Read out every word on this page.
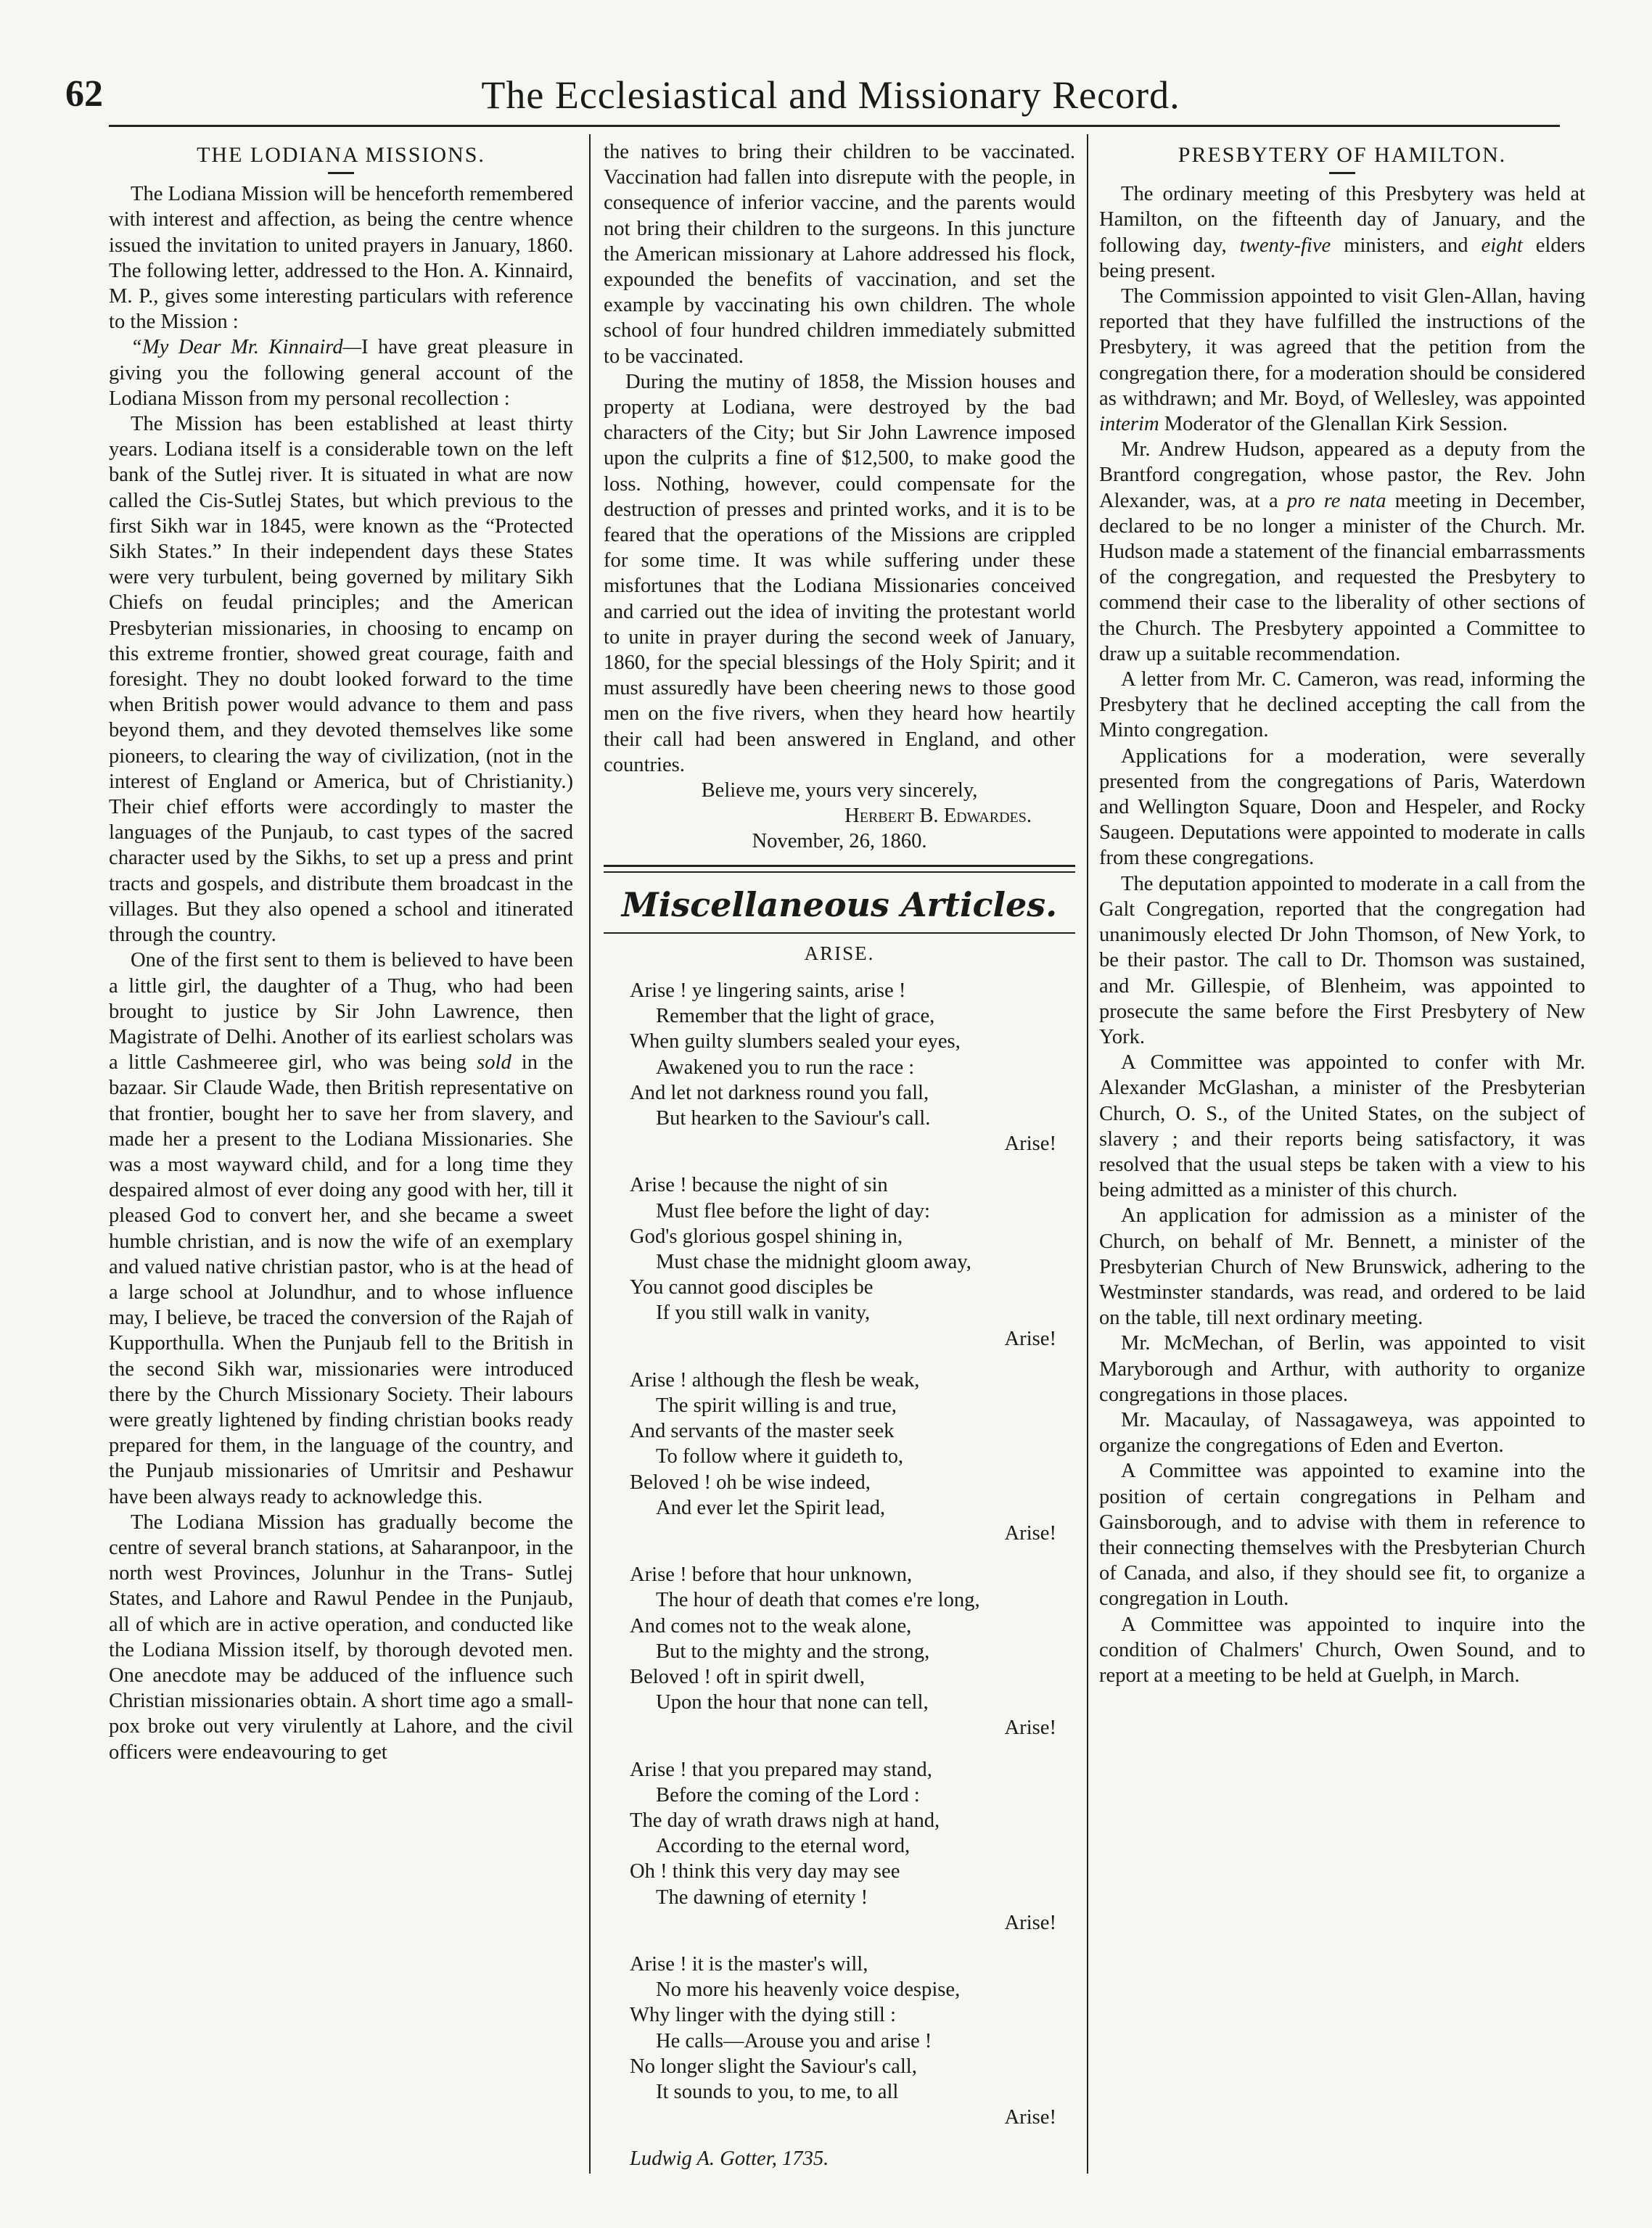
62	The Ecclesiastical and Missionary Record.
THE LODIANA MISSIONS.

The Lodiana Mission will be henceforth remembered with interest and affection, as being the centre whence issued the invitation to united prayers in January, 1860. The following letter, addressed to the Hon. A. Kinnaird, M. P., gives some interesting particulars with reference to the Mission :

“My Dear Mr. Kinnaird—I have great pleasure in giving you the following general account of the Lodiana Misson from my personal recollection :

The Mission has been established at least thirty years. Lodiana itself is a considerable town on the left bank of the Sutlej river. It is situated in what are now called the Cis-Sutlej States, but which previous to the first Sikh war in 1845, were known as the “Protected Sikh States.” In their independent days these States were very turbulent, being governed by military Sikh Chiefs on feudal principles; and the American Presbyterian missionaries, in choosing to encamp on this extreme frontier, showed great courage, faith and foresight. They no doubt looked forward to the time when British power would advance to them and pass beyond them, and they devoted themselves like some pioneers, to clearing the way of civilization, (not in the interest of England or America, but of Christianity.) Their chief efforts were accordingly to master the languages of the Punjaub, to cast types of the sacred character used by the Sikhs, to set up a press and print tracts and gospels, and distribute them broadcast in the villages. But they also opened a school and itinerated through the country.

One of the first sent to them is believed to have been a little girl, the daughter of a Thug, who had been brought to justice by Sir John Lawrence, then Magistrate of Delhi. Another of its earliest scholars was a little Cashmeeree girl, who was being sold in the bazaar. Sir Claude Wade, then British representative on that frontier, bought her to save her from slavery, and made her a present to the Lodiana Missionaries. She was a most wayward child, and for a long time they despaired almost of ever doing any good with her, till it pleased God to convert her, and she became a sweet humble christian, and is now the wife of an exemplary and valued native christian pastor, who is at the head of a large school at Jolundhur, and to whose influence may, I believe, be traced the conversion of the Rajah of Kupporthulla. When the Punjaub fell to the British in the second Sikh war, missionaries were introduced there by the Church Missionary Society. Their labours were greatly lightened by finding christian books ready prepared for them, in the language of the country, and the Punjaub missionaries of Umritsir and Peshawur have been always ready to acknowledge this.

The Lodiana Mission has gradually become the centre of several branch stations, at Saharanpoor, in the north west Provinces, Jolunhur in the Trans- Sutlej States, and Lahore and Rawul Pendee in the Punjaub, all of which are in active operation, and conducted like the Lodiana Mission itself, by thorough devoted men. One anecdote may be adduced of the influence such Christian missionaries obtain. A short time ago a small-pox broke out very virulently at Lahore, and the civil officers were endeavouring to get

the natives to bring their children to be vaccinated. Vaccination had fallen into disrepute with the people, in consequence of inferior vaccine, and the parents would not bring their children to the surgeons. In this juncture the American missionary at Lahore addressed his flock, expounded the benefits of vaccination, and set the example by vaccinating his own children. The whole school of four hundred children immediately submitted to be vaccinated.

During the mutiny of 1858, the Mission houses and property at Lodiana, were destroyed by the bad characters of the City; but Sir John Lawrence imposed upon the culprits a fine of $12,500, to make good the loss. Nothing, however, could compensate for the destruction of presses and printed works, and it is to be feared that the operations of the Missions are crippled for some time. It was while suffering under these misfortunes that the Lodiana Missionaries conceived and carried out the idea of inviting the protestant world to unite in prayer during the second week of January, 1860, for the special blessings of the Holy Spirit; and it must assuredly have been cheering news to those good men on the five rivers, when they heard how heartily their call had been answered in England, and other countries.

Believe me, yours very sincerely,

Herbert B. Edwardes.

November, 26, 1860.

Miscellaneous Articles.
ARISE.
Arise ! ye lingering saints, arise !
Remember that the light of grace,
When guilty slumbers sealed your eyes,
Awakened you to run the race :
And let not darkness round you fall,
But hearken to the Saviour's call.
Arise!
Arise ! because the night of sin
Must flee before the light of day:
God's glorious gospel shining in,
Must chase the midnight gloom away,
You cannot good disciples be
If you still walk in vanity,
Arise!
Arise ! although the flesh be weak,
The spirit willing is and true,
And servants of the master seek
To follow where it guideth to,
Beloved ! oh be wise indeed,
And ever let the Spirit lead,
Arise!
Arise ! before that hour unknown,
The hour of death that comes e're long,
And comes not to the weak alone,
But to the mighty and the strong,
Beloved ! oft in spirit dwell,
Upon the hour that none can tell,
Arise!
Arise ! that you prepared may stand,
Before the coming of the Lord :
The day of wrath draws nigh at hand,
According to the eternal word,
Oh ! think this very day may see
The dawning of eternity !
Arise!
Arise ! it is the master's will,
No more his heavenly voice despise,
Why linger with the dying still :
He calls—Arouse you and arise !
No longer slight the Saviour's call,
It sounds to you, to me, to all
Arise!
Ludwig A. Gotter, 1735.
PRESBYTERY OF HAMILTON.

The ordinary meeting of this Presbytery was held at Hamilton, on the fifteenth day of January, and the following day, twenty-five ministers, and eight elders being present.

The Commission appointed to visit Glen-Allan, having reported that they have fulfilled the instructions of the Presbytery, it was agreed that the petition from the congregation there, for a moderation should be considered as withdrawn; and Mr. Boyd, of Wellesley, was appointed interim Moderator of the Glenallan Kirk Session.

Mr. Andrew Hudson, appeared as a deputy from the Brantford congregation, whose pastor, the Rev. John Alexander, was, at a pro re nata meeting in December, declared to be no longer a minister of the Church. Mr. Hudson made a statement of the financial embarrassments of the congregation, and requested the Presbytery to commend their case to the liberality of other sections of the Church. The Presbytery appointed a Committee to draw up a suitable recommendation.

A letter from Mr. C. Cameron, was read, informing the Presbytery that he declined accepting the call from the Minto congregation.

Applications for a moderation, were severally presented from the congregations of Paris, Waterdown and Wellington Square, Doon and Hespeler, and Rocky Saugeen. Deputations were appointed to moderate in calls from these congregations.

The deputation appointed to moderate in a call from the Galt Congregation, reported that the congregation had unanimously elected Dr John Thomson, of New York, to be their pastor. The call to Dr. Thomson was sustained, and Mr. Gillespie, of Blenheim, was appointed to prosecute the same before the First Presbytery of New York.

A Committee was appointed to confer with Mr. Alexander McGlashan, a minister of the Presbyterian Church, O. S., of the United States, on the subject of slavery ; and their reports being satisfactory, it was resolved that the usual steps be taken with a view to his being admitted as a minister of this church.

An application for admission as a minister of the Church, on behalf of Mr. Bennett, a minister of the Presbyterian Church of New Brunswick, adhering to the Westminster standards, was read, and ordered to be laid on the table, till next ordinary meeting.

Mr. McMechan, of Berlin, was appointed to visit Maryborough and Arthur, with authority to organize congregations in those places.

Mr. Macaulay, of Nassagaweya, was appointed to organize the congregations of Eden and Everton.

A Committee was appointed to examine into the position of certain congregations in Pelham and Gainsborough, and to advise with them in reference to their connecting themselves with the Presbyterian Church of Canada, and also, if they should see fit, to organize a congregation in Louth.

A Committee was appointed to inquire into the condition of Chalmers' Church, Owen Sound, and to report at a meeting to be held at Guelph, in March.
